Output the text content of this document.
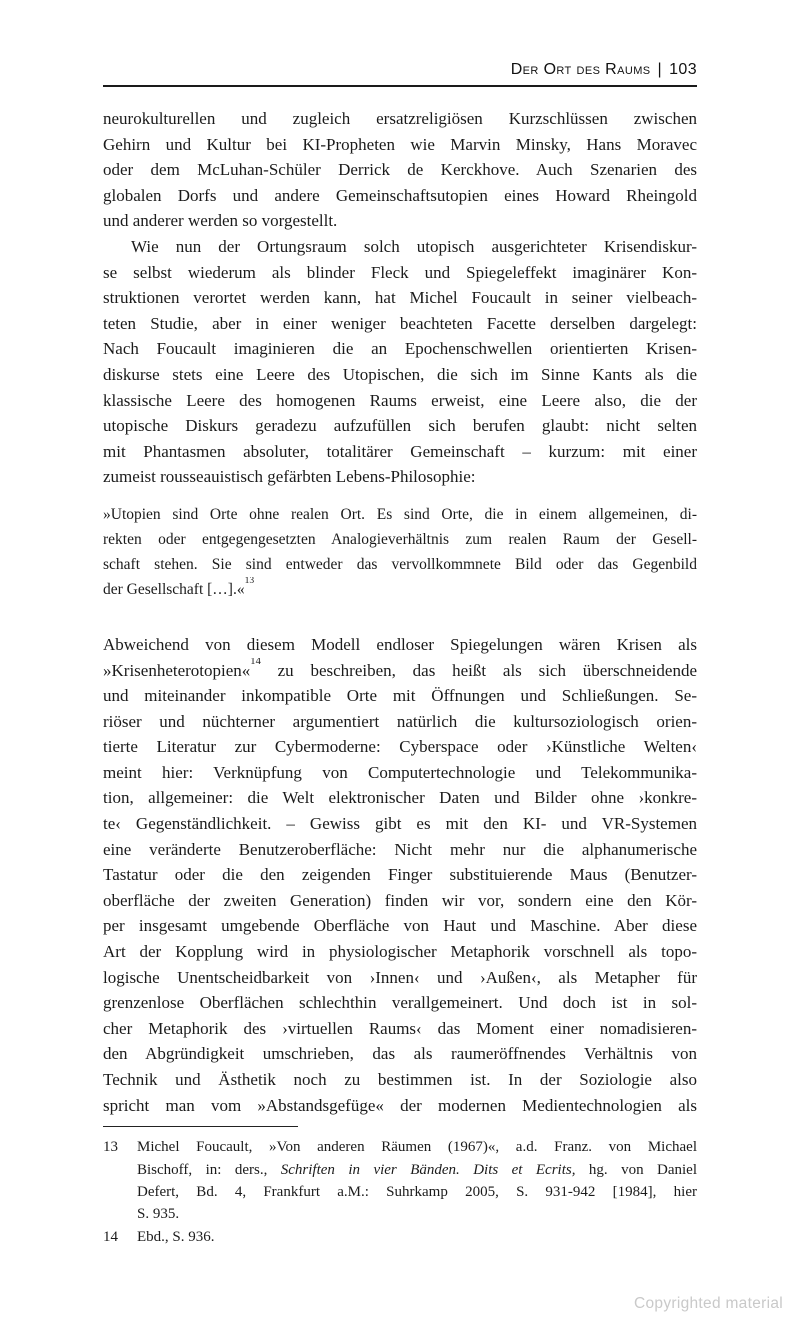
Der Ort des Raums | 103
neurokulturellen und zugleich ersatzreligiösen Kurzschlüssen zwischen
Gehirn und Kultur bei KI-Propheten wie Marvin Minsky, Hans Moravec
oder dem McLuhan-Schüler Derrick de Kerckhove. Auch Szenarien des
globalen Dorfs und andere Gemeinschaftsutopien eines Howard Rheingold
und anderer werden so vorgestellt.
Wie nun der Ortungsraum solch utopisch ausgerichteter Krisendiskur-
se selbst wiederum als blinder Fleck und Spiegeleffekt imaginärer Kon-
struktionen verortet werden kann, hat Michel Foucault in seiner vielbeach-
teten Studie, aber in einer weniger beachteten Facette derselben dargelegt:
Nach Foucault imaginieren die an Epochenschwellen orientierten Krisen-
diskurse stets eine Leere des Utopischen, die sich im Sinne Kants als die
klassische Leere des homogenen Raums erweist, eine Leere also, die der
utopische Diskurs geradezu aufzufüllen sich berufen glaubt: nicht selten
mit Phantasmen absoluter, totalitärer Gemeinschaft – kurzum: mit einer
zumeist rousseauistisch gefärbten Lebens-Philosophie:
»Utopien sind Orte ohne realen Ort. Es sind Orte, die in einem allgemeinen, di-
rekten oder entgegengesetzten Analogieverhältnis zum realen Raum der Gesell-
schaft stehen. Sie sind entweder das vervollkommnete Bild oder das Gegenbild
der Gesellschaft […].«$^{13}$
Abweichend von diesem Modell endloser Spiegelungen wären Krisen als
»Krisenheterotopien«$^{14}$ zu beschreiben, das heißt als sich überschneidende
und miteinander inkompatible Orte mit Öffnungen und Schließungen. Se-
riöser und nüchterner argumentiert natürlich die kultursoziologisch orien-
tierte Literatur zur Cybermoderne: Cyberspace oder ›Künstliche Welten‹
meint hier: Verknüpfung von Computertechnologie und Telekommunika-
tion, allgemeiner: die Welt elektronischer Daten und Bilder ohne ›konkre-
te‹ Gegenständlichkeit. – Gewiss gibt es mit den KI- und VR-Systemen
eine veränderte Benutzeroberfläche: Nicht mehr nur die alphanumerische
Tastatur oder die den zeigenden Finger substituierende Maus (Benutzer-
oberfläche der zweiten Generation) finden wir vor, sondern eine den Kör-
per insgesamt umgebende Oberfläche von Haut und Maschine. Aber diese
Art der Kopplung wird in physiologischer Metaphorik vorschnell als topo-
logische Unentscheidbarkeit von ›Innen‹ und ›Außen‹, als Metapher für
grenzenlose Oberflächen schlechthin verallgemeinert. Und doch ist in sol-
cher Metaphorik des ›virtuellen Raums‹ das Moment einer nomadisieren-
den Abgründigkeit umschrieben, das als raumeröffnendes Verhältnis von
Technik und Ästhetik noch zu bestimmen ist. In der Soziologie also
spricht man vom »Abstandsgefüge« der modernen Medientechnologien als
13	Michel Foucault, »Von anderen Räumen (1967)«, a.d. Franz. von Michael
Bischoff, in: ders., Schriften in vier Bänden. Dits et Ecrits, hg. von Daniel
Defert, Bd. 4, Frankfurt a.M.: Suhrkamp 2005, S. 931-942 [1984], hier
S. 935.
14	Ebd., S. 936.
Copyrighted material
